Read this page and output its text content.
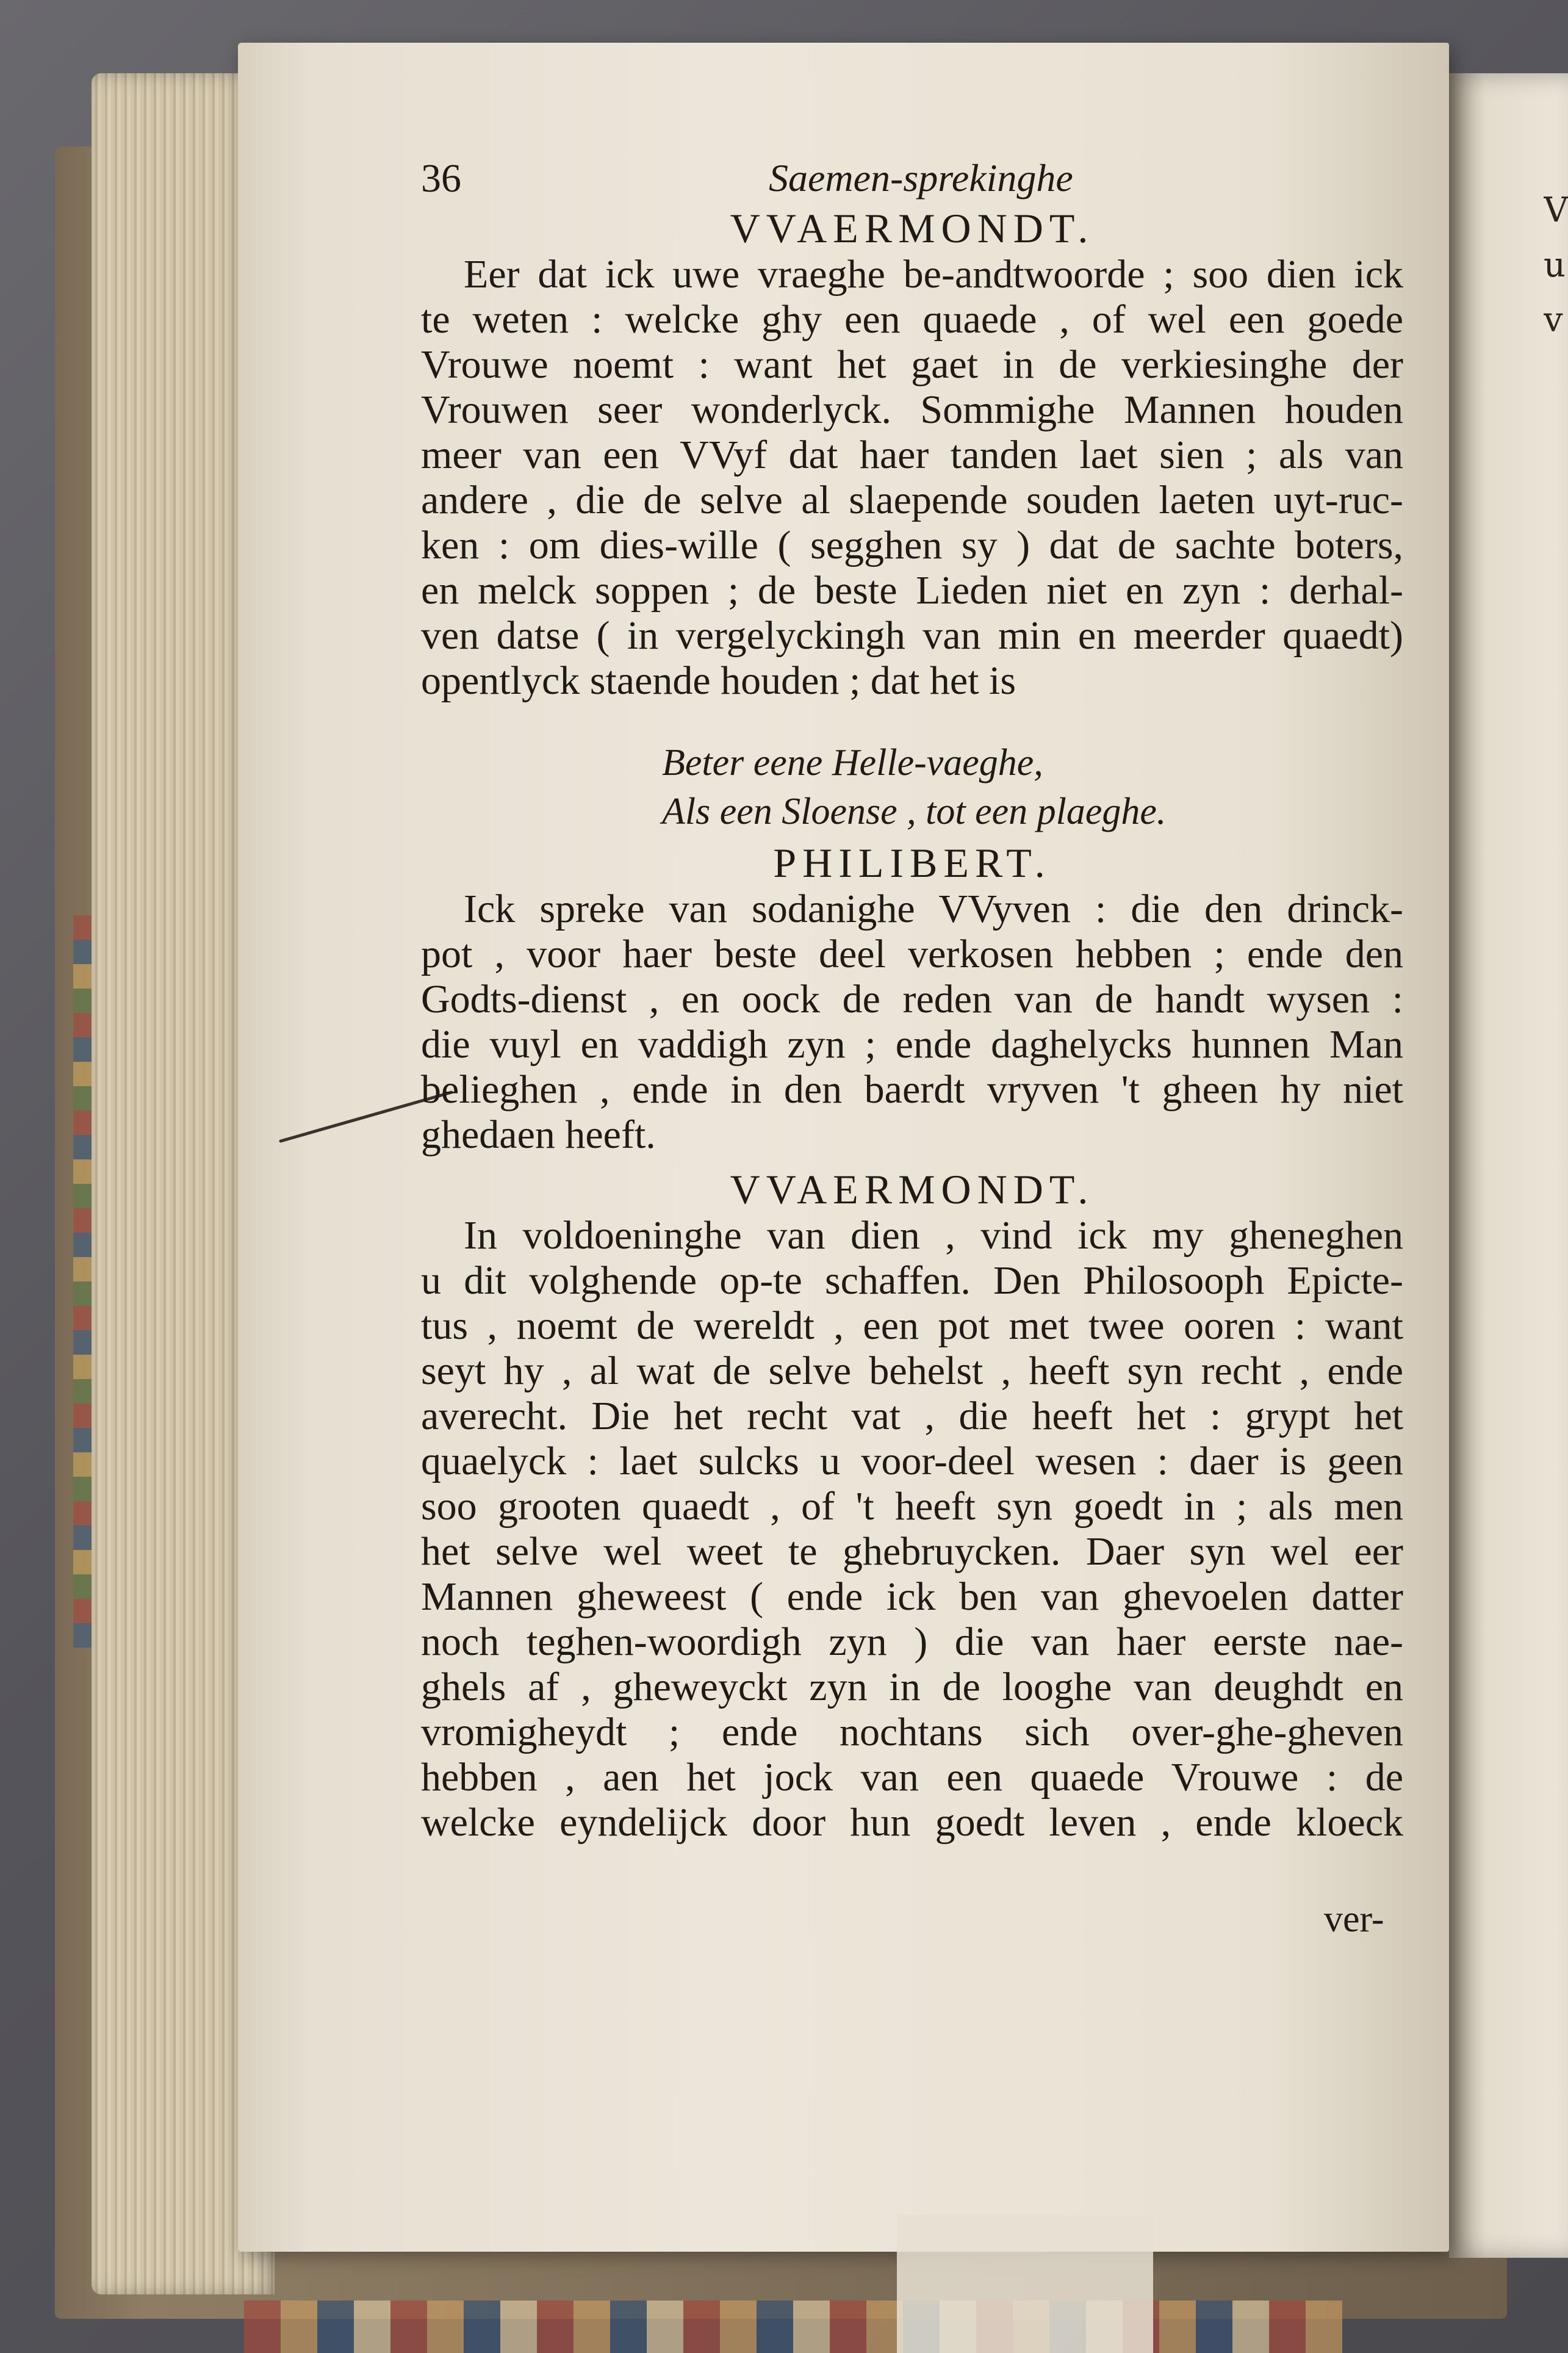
V
u
v
36	Saemen-sprekinghe
VVAERMONDT.
Eer dat ick uwe vraeghe be-andtwoorde ; soo dien ick
te weten : welcke ghy een quaede , of wel een goede
Vrouwe noemt : want het gaet in de verkiesinghe der
Vrouwen seer wonderlyck. Sommighe Mannen houden
meer van een VVyf dat haer tanden laet sien ; als van
andere , die de selve al slaepende souden laeten uyt-ruc-
ken : om dies-wille ( segghen sy ) dat de sachte boters,
en melck soppen ; de beste Lieden niet en zyn : derhal-
ven datse ( in vergelyckingh van min en meerder quaedt)
opentlyck staende houden ; dat het is
Beter eene Helle-vaeghe,
Als een Sloense , tot een plaeghe.
PHILIBERT.
Ick spreke van sodanighe VVyven : die den drinck-
pot , voor haer beste deel verkosen hebben ; ende den
Godts-dienst , en oock de reden van de handt wysen :
die vuyl en vaddigh zyn ; ende daghelycks hunnen Man
belieghen , ende in den baerdt vryven 't gheen hy niet
ghedaen heeft.
VVAERMONDT.
In voldoeninghe van dien , vind ick my gheneghen
u dit volghende op-te schaffen. Den Philosooph Epicte-
tus , noemt de wereldt , een pot met twee ooren : want
seyt hy , al wat de selve behelst , heeft syn recht , ende
averecht. Die het recht vat , die heeft het : grypt het
quaelyck : laet sulcks u voor-deel wesen : daer is geen
soo grooten quaedt , of 't heeft syn goedt in ; als men
het selve wel weet te ghebruycken. Daer syn wel eer
Mannen gheweest ( ende ick ben van ghevoelen datter
noch teghen-woordigh zyn ) die van haer eerste nae-
ghels af , gheweyckt zyn in de looghe van deughdt en
vromigheydt ; ende nochtans sich over-ghe-gheven
hebben , aen het jock van een quaede Vrouwe : de
welcke eyndelijck door hun goedt leven , ende kloeck
ver-
